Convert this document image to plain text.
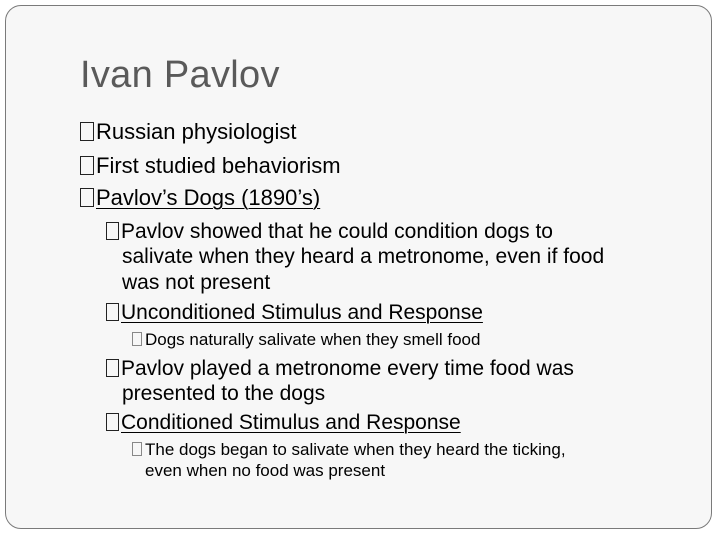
Ivan Pavlov
Russian physiologist
First studied behaviorism
Pavlov’s Dogs (1890’s)
Pavlov showed that he could condition dogs to
salivate when they heard a metronome, even if food
was not present
Unconditioned Stimulus and Response
Dogs naturally salivate when they smell food
Pavlov played a metronome every time food was
presented to the dogs
Conditioned Stimulus and Response
The dogs began to salivate when they heard the ticking,
even when no food was present
